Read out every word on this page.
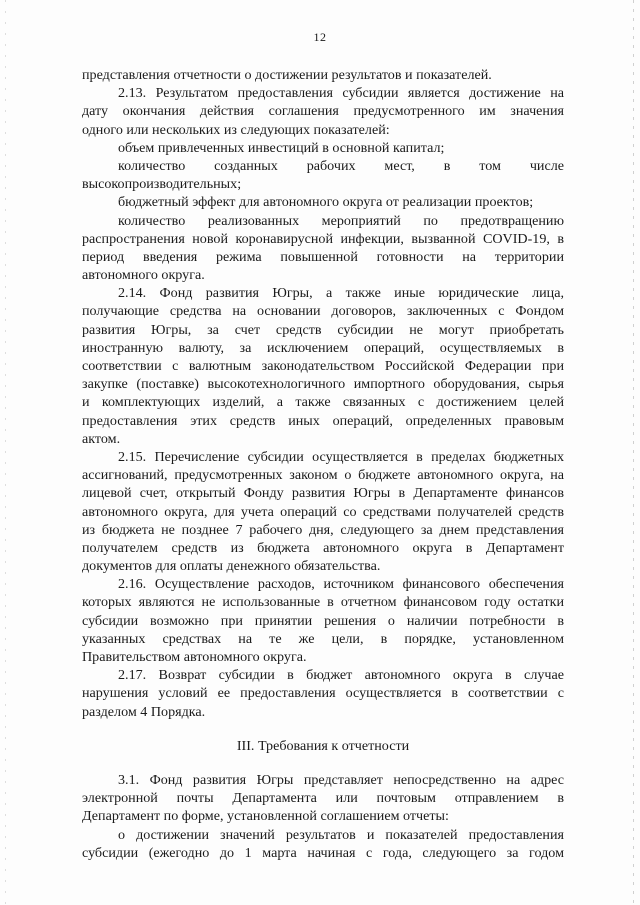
12
представления отчетности о достижении результатов и показателей.
2.13. Результатом предоставления субсидии является достижение на
дату окончания действия соглашения предусмотренного им значения
одного или нескольких из следующих показателей:
объем привлеченных инвестиций в основной капитал;
количество созданных рабочих мест, в том числе
высокопроизводительных;
бюджетный эффект для автономного округа от реализации проектов;
количество реализованных мероприятий по предотвращению
распространения новой коронавирусной инфекции, вызванной COVID-19, в
период введения режима повышенной готовности на территории
автономного округа.
2.14. Фонд развития Югры, а также иные юридические лица,
получающие средства на основании договоров, заключенных с Фондом
развития Югры, за счет средств субсидии не могут приобретать
иностранную валюту, за исключением операций, осуществляемых в
соответствии с валютным законодательством Российской Федерации при
закупке (поставке) высокотехнологичного импортного оборудования, сырья
и комплектующих изделий, а также связанных с достижением целей
предоставления этих средств иных операций, определенных правовым
актом.
2.15. Перечисление субсидии осуществляется в пределах бюджетных
ассигнований, предусмотренных законом о бюджете автономного округа, на
лицевой счет, открытый Фонду развития Югры в Департаменте финансов
автономного округа, для учета операций со средствами получателей средств
из бюджета не позднее 7 рабочего дня, следующего за днем представления
получателем средств из бюджета автономного округа в Департамент
документов для оплаты денежного обязательства.
2.16. Осуществление расходов, источником финансового обеспечения
которых являются не использованные в отчетном финансовом году остатки
субсидии возможно при принятии решения о наличии потребности в
указанных средствах на те же цели, в порядке, установленном
Правительством автономного округа.
2.17. Возврат субсидии в бюджет автономного округа в случае
нарушения условий ее предоставления осуществляется в соответствии с
разделом 4 Порядка.
III. Требования к отчетности
3.1. Фонд развития Югры представляет непосредственно на адрес
электронной почты Департамента или почтовым отправлением в
Департамент по форме, установленной соглашением отчеты:
о достижении значений результатов и показателей предоставления
субсидии (ежегодно до 1 марта начиная с года, следующего за годом
